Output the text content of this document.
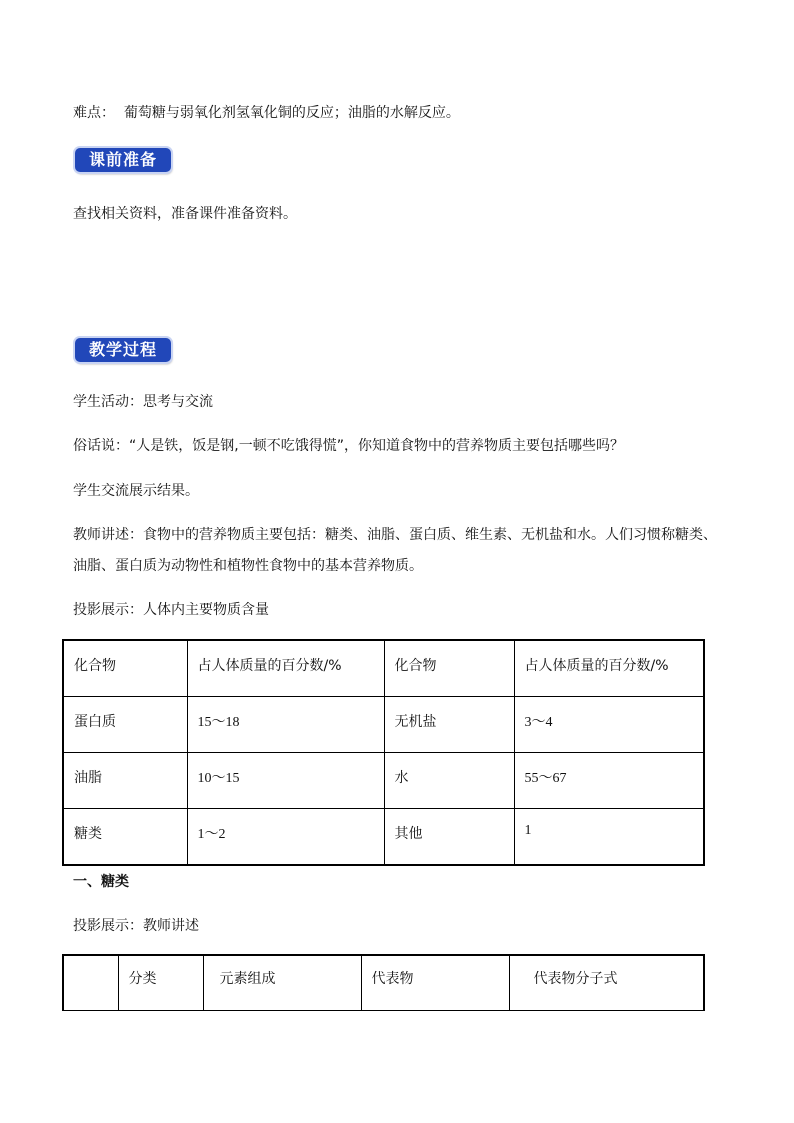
难点： 葡萄糖与弱氧化剂氢氧化铜的反应；油脂的水解反应。
课前准备
查找相关资料，准备课件准备资料。
教学过程
学生活动：思考与交流
俗话说：“人是铁，饭是钢,一顿不吃饿得慌”，你知道食物中的营养物质主要包括哪些吗？
学生交流展示结果。
教师讲述：食物中的营养物质主要包括：糖类、油脂、蛋白质、维生素、无机盐和水。人们习惯称糖类、
油脂、蛋白质为动物性和植物性食物中的基本营养物质。
投影展示：人体内主要物质含量
化合物	占人体质量的百分数/%	化合物	占人体质量的百分数/%
蛋白质	15～18	无机盐	3～4
油脂	10～15	水	55～67
糖类	1～2	其他	1
一、糖类
投影展示：教师讲述
	分类	元素组成	代表物	代表物分子式
